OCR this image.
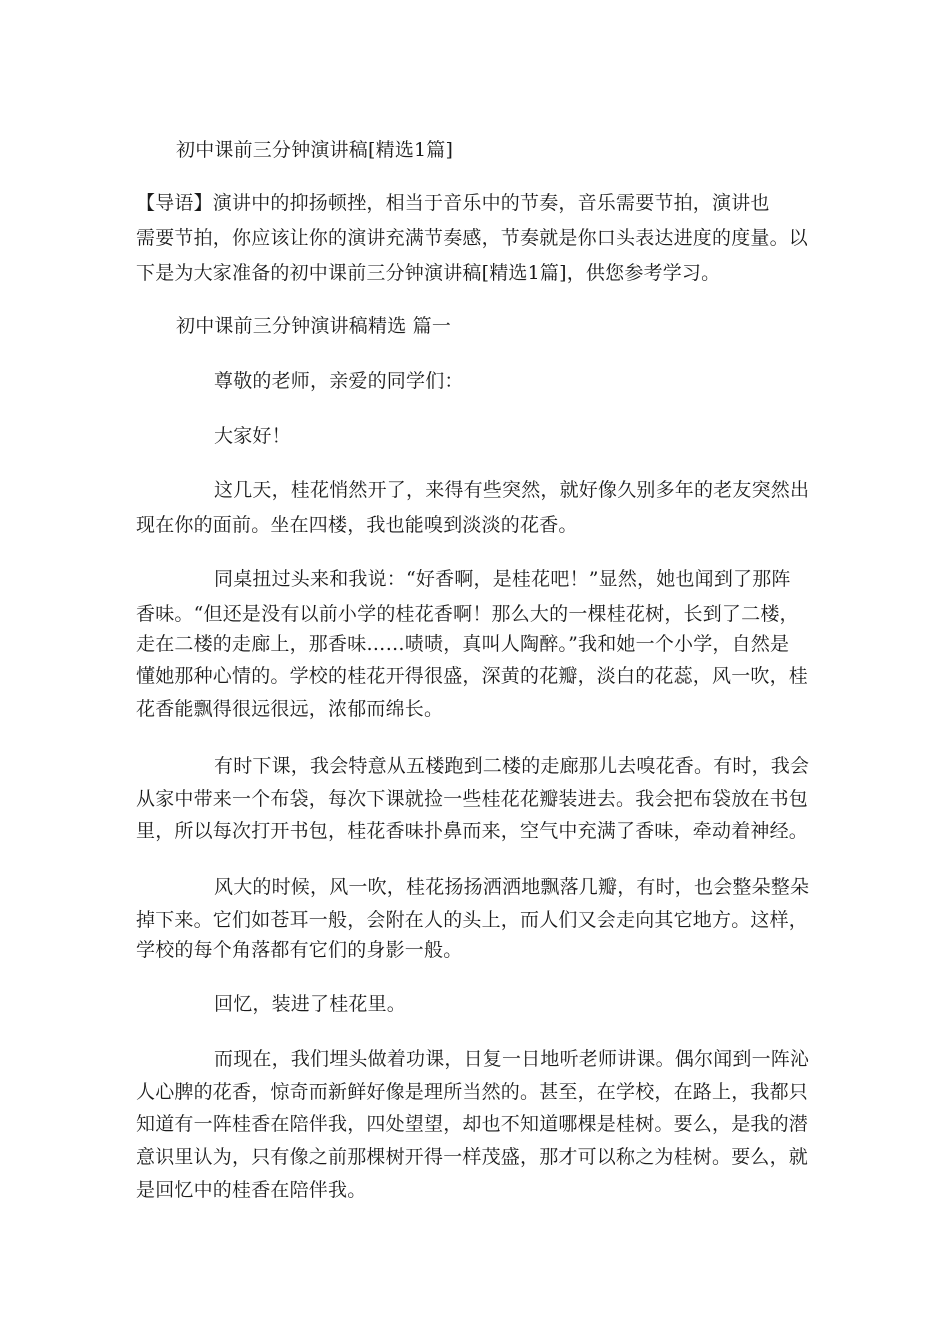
初中课前三分钟演讲稿[精选1篇]

【导语】演讲中的抑扬顿挫，相当于音乐中的节奏，音乐需要节拍，演讲也

需要节拍，你应该让你的演讲充满节奏感，节奏就是你口头表达进度的度量。以

下是为大家准备的初中课前三分钟演讲稿[精选1篇]，供您参考学习。

初中课前三分钟演讲稿精选 篇一

尊敬的老师，亲爱的同学们：

大家好！

这几天，桂花悄然开了，来得有些突然，就好像久别多年的老友突然出

现在你的面前。坐在四楼，我也能嗅到淡淡的花香。

同桌扭过头来和我说：“好香啊，是桂花吧！”显然，她也闻到了那阵

香味。“但还是没有以前小学的桂花香啊！那么大的一棵桂花树，长到了二楼，

走在二楼的走廊上，那香味……啧啧，真叫人陶醉。”我和她一个小学，自然是

懂她那种心情的。学校的桂花开得很盛，深黄的花瓣，淡白的花蕊，风一吹，桂

花香能飘得很远很远，浓郁而绵长。

有时下课，我会特意从五楼跑到二楼的走廊那儿去嗅花香。有时，我会

从家中带来一个布袋，每次下课就捡一些桂花花瓣装进去。我会把布袋放在书包

里，所以每次打开书包，桂花香味扑鼻而来，空气中充满了香味，牵动着神经。

风大的时候，风一吹，桂花扬扬洒洒地飘落几瓣，有时，也会整朵整朵

掉下来。它们如苍耳一般，会附在人的头上，而人们又会走向其它地方。这样，

学校的每个角落都有它们的身影一般。

回忆，装进了桂花里。

而现在，我们埋头做着功课，日复一日地听老师讲课。偶尔闻到一阵沁

人心脾的花香，惊奇而新鲜好像是理所当然的。甚至，在学校，在路上，我都只

知道有一阵桂香在陪伴我，四处望望，却也不知道哪棵是桂树。要么，是我的潜

意识里认为，只有像之前那棵树开得一样茂盛，那才可以称之为桂树。要么，就

是回忆中的桂香在陪伴我。
